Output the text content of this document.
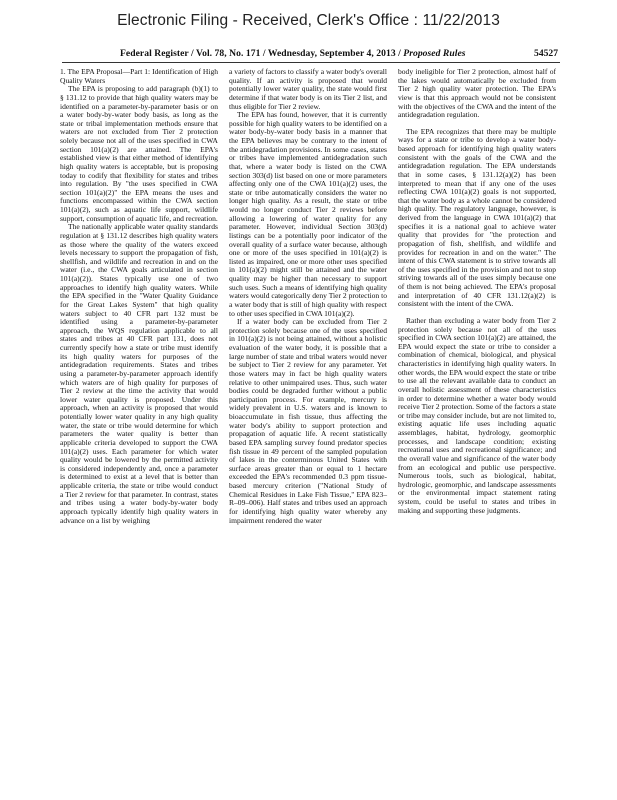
Electronic Filing - Received, Clerk's Office : 11/22/2013
Federal Register / Vol. 78, No. 171 / Wednesday, September 4, 2013 / Proposed Rules	54527

1. The EPA Proposal—Part 1: Identification of High Quality Waters

The EPA is proposing to add paragraph (b)(1) to § 131.12 to provide that high quality waters may be identified on a parameter-by-parameter basis or on a water body-by-water body basis, as long as the state or tribal implementation methods ensure that waters are not excluded from Tier 2 protection solely because not all of the uses specified in CWA section 101(a)(2) are attained. The EPA's established view is that either method of identifying high quality waters is acceptable, but is proposing today to codify that flexibility for states and tribes into regulation. By "the uses specified in CWA section 101(a)(2)" the EPA means the uses and functions encompassed within the CWA section 101(a)(2), such as aquatic life support, wildlife support, consumption of aquatic life, and recreation.

The nationally applicable water quality standards regulation at § 131.12 describes high quality waters as those where the quality of the waters exceed levels necessary to support the propagation of fish, shellfish, and wildlife and recreation in and on the water (i.e., the CWA goals articulated in section 101(a)(2)). States typically use one of two approaches to identify high quality waters. While the EPA specified in the "Water Quality Guidance for the Great Lakes System" that high quality waters subject to 40 CFR part 132 must be identified using a parameter-by-parameter approach, the WQS regulation applicable to all states and tribes at 40 CFR part 131, does not currently specify how a state or tribe must identify its high quality waters for purposes of the antidegradation requirements. States and tribes using a parameter-by-parameter approach identify which waters are of high quality for purposes of Tier 2 review at the time the activity that would lower water quality is proposed. Under this approach, when an activity is proposed that would potentially lower water quality in any high quality water, the state or tribe would determine for which parameters the water quality is better than applicable criteria developed to support the CWA 101(a)(2) uses. Each parameter for which water quality would be lowered by the permitted activity is considered independently and, once a parameter is determined to exist at a level that is better than applicable criteria, the state or tribe would conduct a Tier 2 review for that parameter. In contrast, states and tribes using a water body-by-water body approach typically identify high quality waters in advance on a list by weighing

a variety of factors to classify a water body's overall quality. If an activity is proposed that would potentially lower water quality, the state would first determine if that water body is on its Tier 2 list, and thus eligible for Tier 2 review.

The EPA has found, however, that it is currently possible for high quality waters to be identified on a water body-by-water body basis in a manner that the EPA believes may be contrary to the intent of the antidegradation provisions. In some cases, states or tribes have implemented antidegradation such that, where a water body is listed on the CWA section 303(d) list based on one or more parameters affecting only one of the CWA 101(a)(2) uses, the state or tribe automatically considers the water no longer high quality. As a result, the state or tribe would no longer conduct Tier 2 reviews before allowing a lowering of water quality for any parameter. However, individual Section 303(d) listings can be a potentially poor indicator of the overall quality of a surface water because, although one or more of the uses specified in 101(a)(2) is listed as impaired, one or more other uses specified in 101(a)(2) might still be attained and the water quality may be higher than necessary to support such uses. Such a means of identifying high quality waters would categorically deny Tier 2 protection to a water body that is still of high quality with respect to other uses specified in CWA 101(a)(2).

If a water body can be excluded from Tier 2 protection solely because one of the uses specified in 101(a)(2) is not being attained, without a holistic evaluation of the water body, it is possible that a large number of state and tribal waters would never be subject to Tier 2 review for any parameter. Yet those waters may in fact be high quality waters relative to other unimpaired uses. Thus, such water bodies could be degraded further without a public participation process. For example, mercury is widely prevalent in U.S. waters and is known to bioaccumulate in fish tissue, thus affecting the water body's ability to support protection and propagation of aquatic life. A recent statistically based EPA sampling survey found predator species fish tissue in 49 percent of the sampled population of lakes in the conterminous United States with surface areas greater than or equal to 1 hectare exceeded the EPA's recommended 0.3 ppm tissue-based mercury criterion ("National Study of Chemical Residues in Lake Fish Tissue," EPA 823–R–09–006). Half states and tribes used an approach for identifying high quality water whereby any impairment rendered the water

body ineligible for Tier 2 protection, almost half of the lakes would automatically be excluded from Tier 2 high quality water protection. The EPA's view is that this approach would not be consistent with the objectives of the CWA and the intent of the antidegradation regulation.

The EPA recognizes that there may be multiple ways for a state or tribe to develop a water body-based approach for identifying high quality waters consistent with the goals of the CWA and the antidegradation regulation. The EPA understands that in some cases, § 131.12(a)(2) has been interpreted to mean that if any one of the uses reflecting CWA 101(a)(2) goals is not supported, that the water body as a whole cannot be considered high quality. The regulatory language, however, is derived from the language in CWA 101(a)(2) that specifies it is a national goal to achieve water quality that provides for "the protection and propagation of fish, shellfish, and wildlife and provides for recreation in and on the water." The intent of this CWA statement is to strive towards all of the uses specified in the provision and not to stop striving towards all of the uses simply because one of them is not being achieved. The EPA's proposal and interpretation of 40 CFR 131.12(a)(2) is consistent with the intent of the CWA.

Rather than excluding a water body from Tier 2 protection solely because not all of the uses specified in CWA section 101(a)(2) are attained, the EPA would expect the state or tribe to consider a combination of chemical, biological, and physical characteristics in identifying high quality waters. In other words, the EPA would expect the state or tribe to use all the relevant available data to conduct an overall holistic assessment of these characteristics in order to determine whether a water body would receive Tier 2 protection. Some of the factors a state or tribe may consider include, but are not limited to, existing aquatic life uses including aquatic assemblages, habitat, hydrology, geomorphic processes, and landscape condition; existing recreational uses and recreational significance; and the overall value and significance of the water body from an ecological and public use perspective. Numerous tools, such as biological, habitat, hydrologic, geomorphic, and landscape assessments or the environmental impact statement rating system, could be useful to states and tribes in making and supporting these judgments.
